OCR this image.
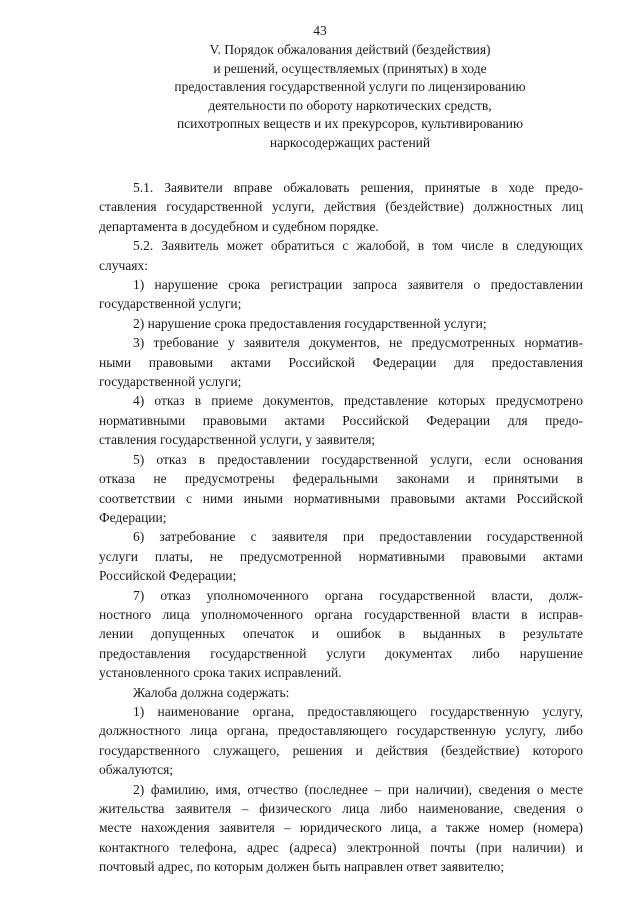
43
V. Порядок обжалования действий (бездействия)
и решений, осуществляемых (принятых) в ходе
предоставления государственной услуги по лицензированию
деятельности по обороту наркотических средств,
психотропных веществ и их прекурсоров, культивированию
наркосодержащих растений
5.1. Заявители вправе обжаловать решения, принятые в ходе предо-
ставления государственной услуги, действия (бездействие) должностных лиц
департамента в досудебном и судебном порядке.
5.2. Заявитель может обратиться с жалобой, в том числе в следующих
случаях:
1) нарушение срока регистрации запроса заявителя о предоставлении
государственной услуги;
2) нарушение срока предоставления государственной услуги;
3) требование у заявителя документов, не предусмотренных норматив-
ными правовыми актами Российской Федерации для предоставления
государственной услуги;
4) отказ в приеме документов, представление которых предусмотрено
нормативными правовыми актами Российской Федерации для предо-
ставления государственной услуги, у заявителя;
5) отказ в предоставлении государственной услуги, если основания
отказа не предусмотрены федеральными законами и принятыми в
соответствии с ними иными нормативными правовыми актами Российской
Федерации;
6) затребование с заявителя при предоставлении государственной
услуги платы, не предусмотренной нормативными правовыми актами
Российской Федерации;
7) отказ уполномоченного органа государственной власти, долж-
ностного лица уполномоченного органа государственной власти в исправ-
лении допущенных опечаток и ошибок в выданных в результате
предоставления государственной услуги документах либо нарушение
установленного срока таких исправлений.
Жалоба должна содержать:
1) наименование органа, предоставляющего государственную услугу,
должностного лица органа, предоставляющего государственную услугу, либо
государственного служащего, решения и действия (бездействие) которого
обжалуются;
2) фамилию, имя, отчество (последнее – при наличии), сведения о месте
жительства заявителя – физического лица либо наименование, сведения о
месте нахождения заявителя – юридического лица, а также номер (номера)
контактного телефона, адрес (адреса) электронной почты (при наличии) и
почтовый адрес, по которым должен быть направлен ответ заявителю;
